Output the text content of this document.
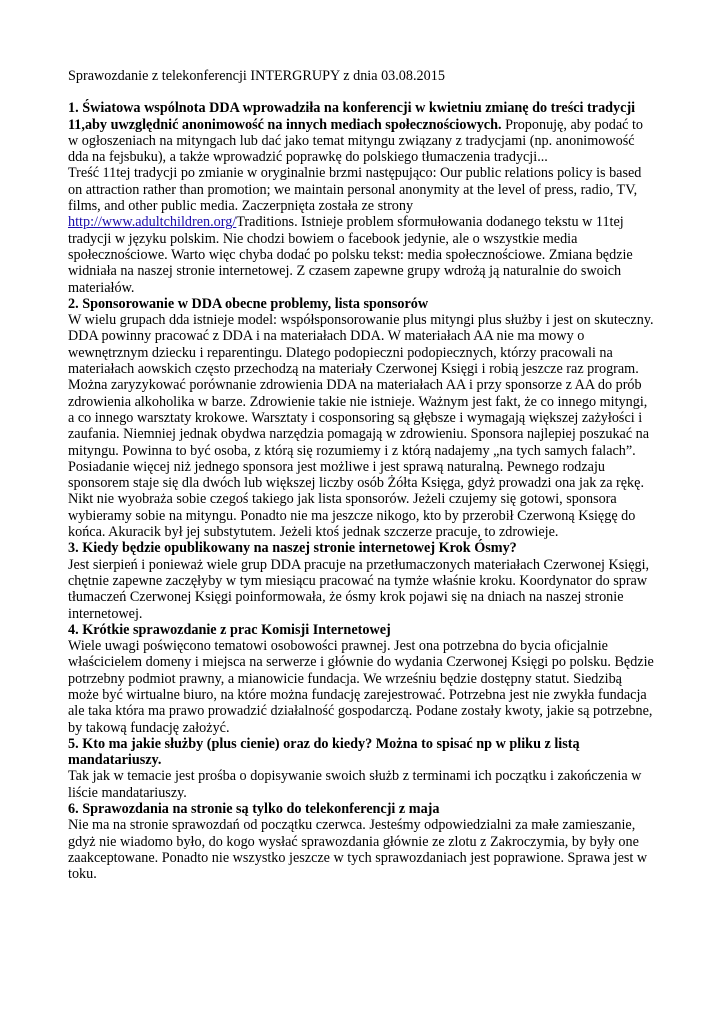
Sprawozdanie z telekonferencji INTERGRUPY z dnia 03.08.2015

1. Światowa wspólnota DDA wprowadziła na konferencji w kwietniu zmianę do treści tradycji 11,aby uwzględnić anonimowość na innych mediach społecznościowych. Proponuję, aby podać to w ogłoszeniach na mityngach lub dać jako temat mityngu związany z tradycjami (np. anonimowość

dda na fejsbuku), a także wprowadzić poprawkę do polskiego tłumaczenia tradycji...

Treść 11tej tradycji po zmianie w oryginalnie brzmi następująco: Our public relations policy is based on attraction rather than promotion; we maintain personal anonymity at the level of press, radio, TV, films, and other public media. Zaczerpnięta została ze strony

http://www.adultchildren.org/Traditions. Istnieje problem sformułowania dodanego tekstu w 11tej tradycji w języku polskim. Nie chodzi bowiem o facebook jedynie, ale o wszystkie media społecznościowe. Warto więc chyba dodać po polsku tekst: media społecznościowe. Zmiana będzie widniała na naszej stronie internetowej. Z czasem zapewne grupy wdrożą ją naturalnie do swoich materiałów.

2. Sponsorowanie w DDA obecne problemy, lista sponsorów

W wielu grupach dda istnieje model: współsponsorowanie plus mityngi plus służby i jest on skuteczny. DDA powinny pracować z DDA i na materiałach DDA. W materiałach AA nie ma mowy o wewnętrznym dziecku i reparentingu. Dlatego podopieczni podopiecznych, którzy pracowali na materiałach aowskich często przechodzą na materiały Czerwonej Księgi i robią jeszcze raz program. Można zaryzykować porównanie zdrowienia DDA na materiałach AA i przy sponsorze z AA do prób zdrowienia alkoholika w barze. Zdrowienie takie nie istnieje. Ważnym jest fakt, że co innego mityngi, a co innego warsztaty krokowe. Warsztaty i cosponsoring są głębsze i wymagają większej zażyłości i zaufania. Niemniej jednak obydwa narzędzia pomagają w zdrowieniu. Sponsora najlepiej poszukać na mityngu. Powinna to być osoba, z którą się rozumiemy i z którą nadajemy „na tych samych falach”. Posiadanie więcej niż jednego sponsora jest możliwe i jest sprawą naturalną. Pewnego rodzaju sponsorem staje się dla dwóch lub większej liczby osób Żółta Księga, gdyż prowadzi ona jak za rękę. Nikt nie wyobraża sobie czegoś takiego jak lista sponsorów. Jeżeli czujemy się gotowi, sponsora wybieramy sobie na mityngu. Ponadto nie ma jeszcze nikogo, kto by przerobił Czerwoną Księgę do końca. Akuracik był jej substytutem. Jeżeli ktoś jednak szczerze pracuje, to zdrowieje.

3. Kiedy będzie opublikowany na naszej stronie internetowej Krok Ósmy?

Jest sierpień i ponieważ wiele grup DDA pracuje na przetłumaczonych materiałach Czerwonej Księgi, chętnie zapewne zaczęłyby w tym miesiącu pracować na tymże właśnie kroku. Koordynator do spraw tłumaczeń Czerwonej Księgi poinformowała, że ósmy krok pojawi się na dniach na naszej stronie internetowej.

4. Krótkie sprawozdanie z prac Komisji Internetowej

Wiele uwagi poświęcono tematowi osobowości prawnej. Jest ona potrzebna do bycia oficjalnie właścicielem domeny i miejsca na serwerze i głównie do wydania Czerwonej Księgi po polsku. Będzie potrzebny podmiot prawny, a mianowicie fundacja. We wrześniu będzie dostępny statut. Siedzibą może być wirtualne biuro, na które można fundację zarejestrować. Potrzebna jest nie zwykła fundacja ale taka która ma prawo prowadzić działalność gospodarczą. Podane zostały kwoty, jakie są potrzebne, by takową fundację założyć.

5. Kto ma jakie służby (plus cienie) oraz do kiedy? Można to spisać np w pliku z listą mandatariuszy.

Tak jak w temacie jest prośba o dopisywanie swoich służb z terminami ich początku i zakończenia w liście mandatariuszy.

6. Sprawozdania na stronie są tylko do telekonferencji z maja

Nie ma na stronie sprawozdań od początku czerwca. Jesteśmy odpowiedzialni za małe zamieszanie, gdyż nie wiadomo było, do kogo wysłać sprawozdania głównie ze zlotu z Zakroczymia, by były one zaakceptowane. Ponadto nie wszystko jeszcze w tych sprawozdaniach jest poprawione. Sprawa jest w toku.
